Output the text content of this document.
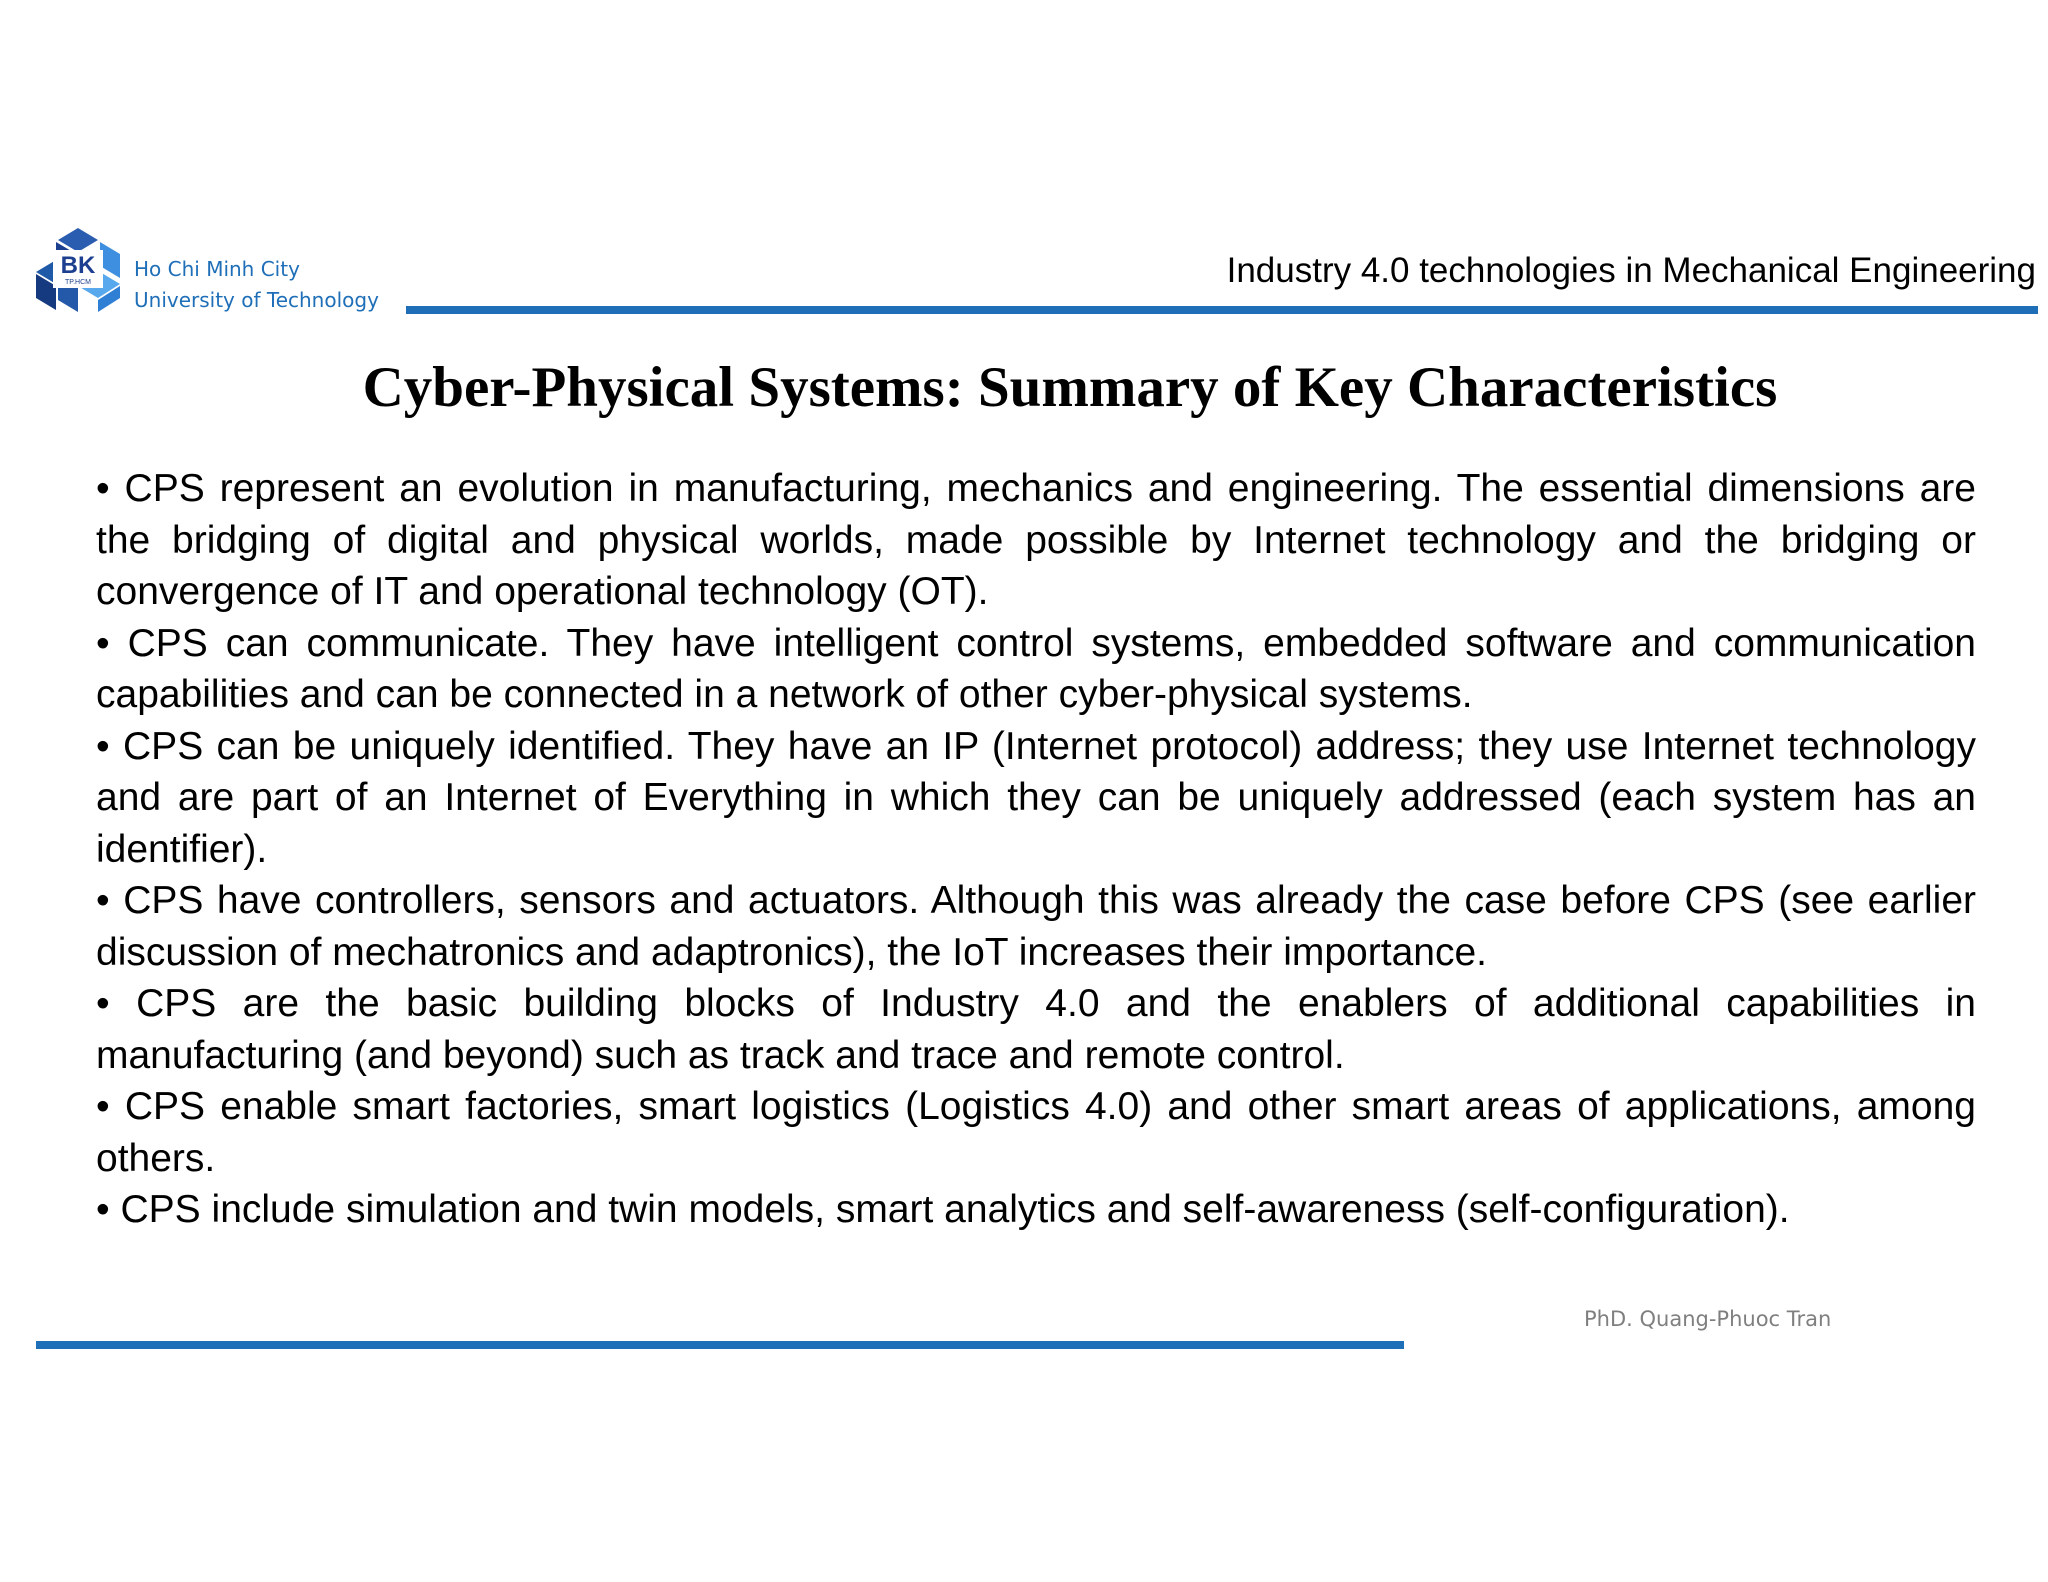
BK
TP.HCM
Ho Chi Minh City
University of Technology
Industry 4.0 technologies in Mechanical Engineering
Cyber-Physical Systems: Summary of Key Characteristics
• CPS represent an evolution in manufacturing, mechanics and engineering. The essential dimensions are the bridging of digital and physical worlds, made possible by Internet technology and the bridging or convergence of IT and operational technology (OT).
• CPS can communicate. They have intelligent control systems, embedded software and communication capabilities and can be connected in a network of other cyber-physical systems.
• CPS can be uniquely identified. They have an IP (Internet protocol) address; they use Internet technology and are part of an Internet of Everything in which they can be uniquely addressed (each system has an identifier).
• CPS have controllers, sensors and actuators. Although this was already the case before CPS (see earlier discussion of mechatronics and adaptronics), the IoT increases their importance.
• CPS are the basic building blocks of Industry 4.0 and the enablers of additional capabilities in manufacturing (and beyond) such as track and trace and remote control.
• CPS enable smart factories, smart logistics (Logistics 4.0) and other smart areas of applications, among others.
• CPS include simulation and twin models, smart analytics and self-awareness (self-configuration).
PhD. Quang-Phuoc Tran
